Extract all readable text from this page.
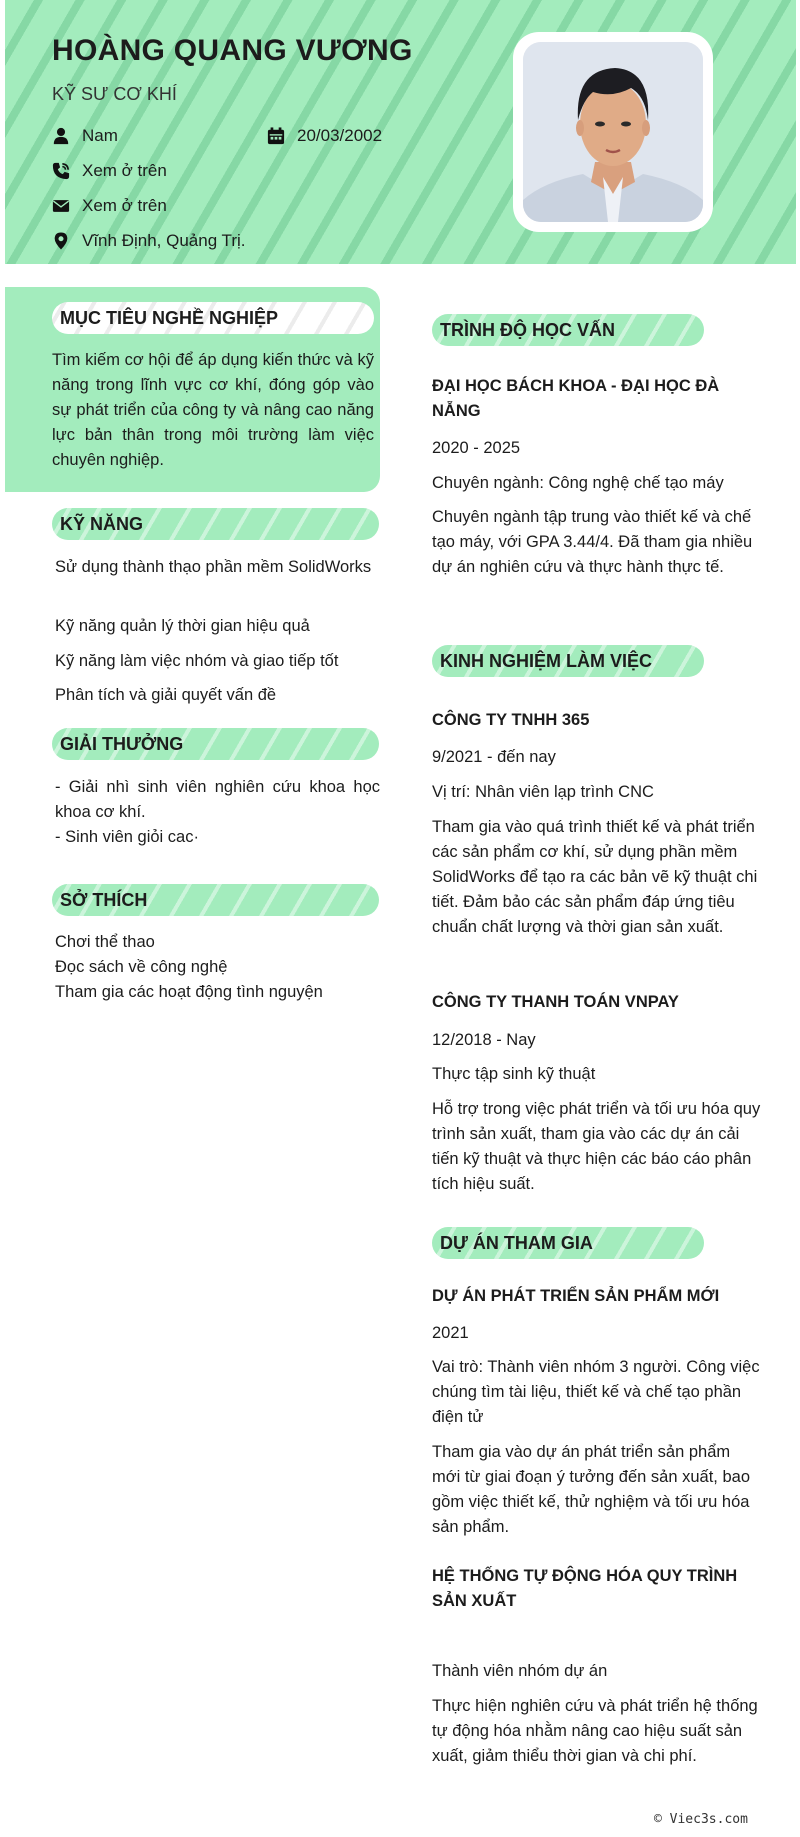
HOÀNG QUANG VƯƠNG
KỸ SƯ CƠ KHÍ
Nam	20/03/2002
Xem ở trên
Xem ở trên
Vĩnh Định, Quảng Trị.
MỤC TIÊU NGHỀ NGHIỆP
Tìm kiếm cơ hội để áp dụng kiến thức và kỹ năng trong lĩnh vực cơ khí, đóng góp vào sự phát triển của công ty và nâng cao năng lực bản thân trong môi trường làm việc chuyên nghiệp.
KỸ NĂNG
Sử dụng thành thạo phần mềm SolidWorks
Kỹ năng quản lý thời gian hiệu quả
Kỹ năng làm việc nhóm và giao tiếp tốt
Phân tích và giải quyết vấn đề
GIẢI THƯỞNG
- Giải nhì sinh viên nghiên cứu khoa học khoa cơ khí.
- Sinh viên giỏi cac·
SỞ THÍCH
Chơi thể thao
Đọc sách về công nghệ
Tham gia các hoạt động tình nguyện
TRÌNH ĐỘ HỌC VẤN
ĐẠI HỌC BÁCH KHOA - ĐẠI HỌC ĐÀ NẴNG
2020 - 2025
Chuyên ngành: Công nghệ chế tạo máy
Chuyên ngành tập trung vào thiết kế và chế tạo máy, với GPA 3.44/4. Đã tham gia nhiều dự án nghiên cứu và thực hành thực tế.
KINH NGHIỆM LÀM VIỆC
CÔNG TY TNHH 365
9/2021 - đến nay
Vị trí: Nhân viên lạp trình CNC
Tham gia vào quá trình thiết kế và phát triển các sản phẩm cơ khí, sử dụng phần mềm SolidWorks để tạo ra các bản vẽ kỹ thuật chi tiết. Đảm bảo các sản phẩm đáp ứng tiêu chuẩn chất lượng và thời gian sản xuất.
CÔNG TY THANH TOÁN VNPAY
12/2018 - Nay
Thực tập sinh kỹ thuật
Hỗ trợ trong việc phát triển và tối ưu hóa quy trình sản xuất, tham gia vào các dự án cải tiến kỹ thuật và thực hiện các báo cáo phân tích hiệu suất.
DỰ ÁN THAM GIA
DỰ ÁN PHÁT TRIỂN SẢN PHẨM MỚI
2021
Vai trò: Thành viên nhóm 3 người. Công việc chúng tìm tài liệu, thiết kế và chế tạo phần điện tử
Tham gia vào dự án phát triển sản phẩm mới từ giai đoạn ý tưởng đến sản xuất, bao gồm việc thiết kế, thử nghiệm và tối ưu hóa sản phẩm.
HỆ THỐNG TỰ ĐỘNG HÓA QUY TRÌNH SẢN XUẤT
Thành viên nhóm dự án
Thực hiện nghiên cứu và phát triển hệ thống tự động hóa nhằm nâng cao hiệu suất sản xuất, giảm thiểu thời gian và chi phí.
© Viec3s.com
